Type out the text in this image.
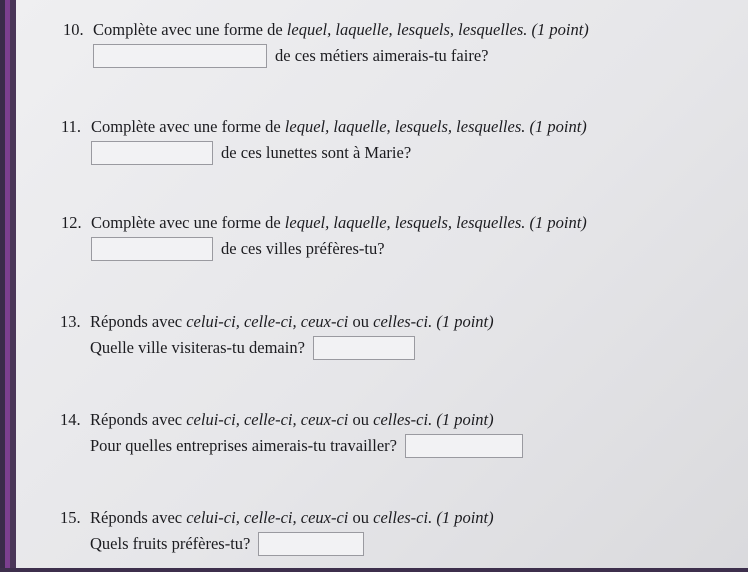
10. Complète avec une forme de lequel, laquelle, lesquels, lesquelles. (1 point)
de ces métiers aimerais-tu faire?
11. Complète avec une forme de lequel, laquelle, lesquels, lesquelles. (1 point)
de ces lunettes sont à Marie?
12. Complète avec une forme de lequel, laquelle, lesquels, lesquelles. (1 point)
de ces villes préfères-tu?
13. Réponds avec celui-ci, celle-ci, ceux-ci ou celles-ci. (1 point)
Quelle ville visiteras-tu demain?
14. Réponds avec celui-ci, celle-ci, ceux-ci ou celles-ci. (1 point)
Pour quelles entreprises aimerais-tu travailler?
15. Réponds avec celui-ci, celle-ci, ceux-ci ou celles-ci. (1 point)
Quels fruits préfères-tu?
